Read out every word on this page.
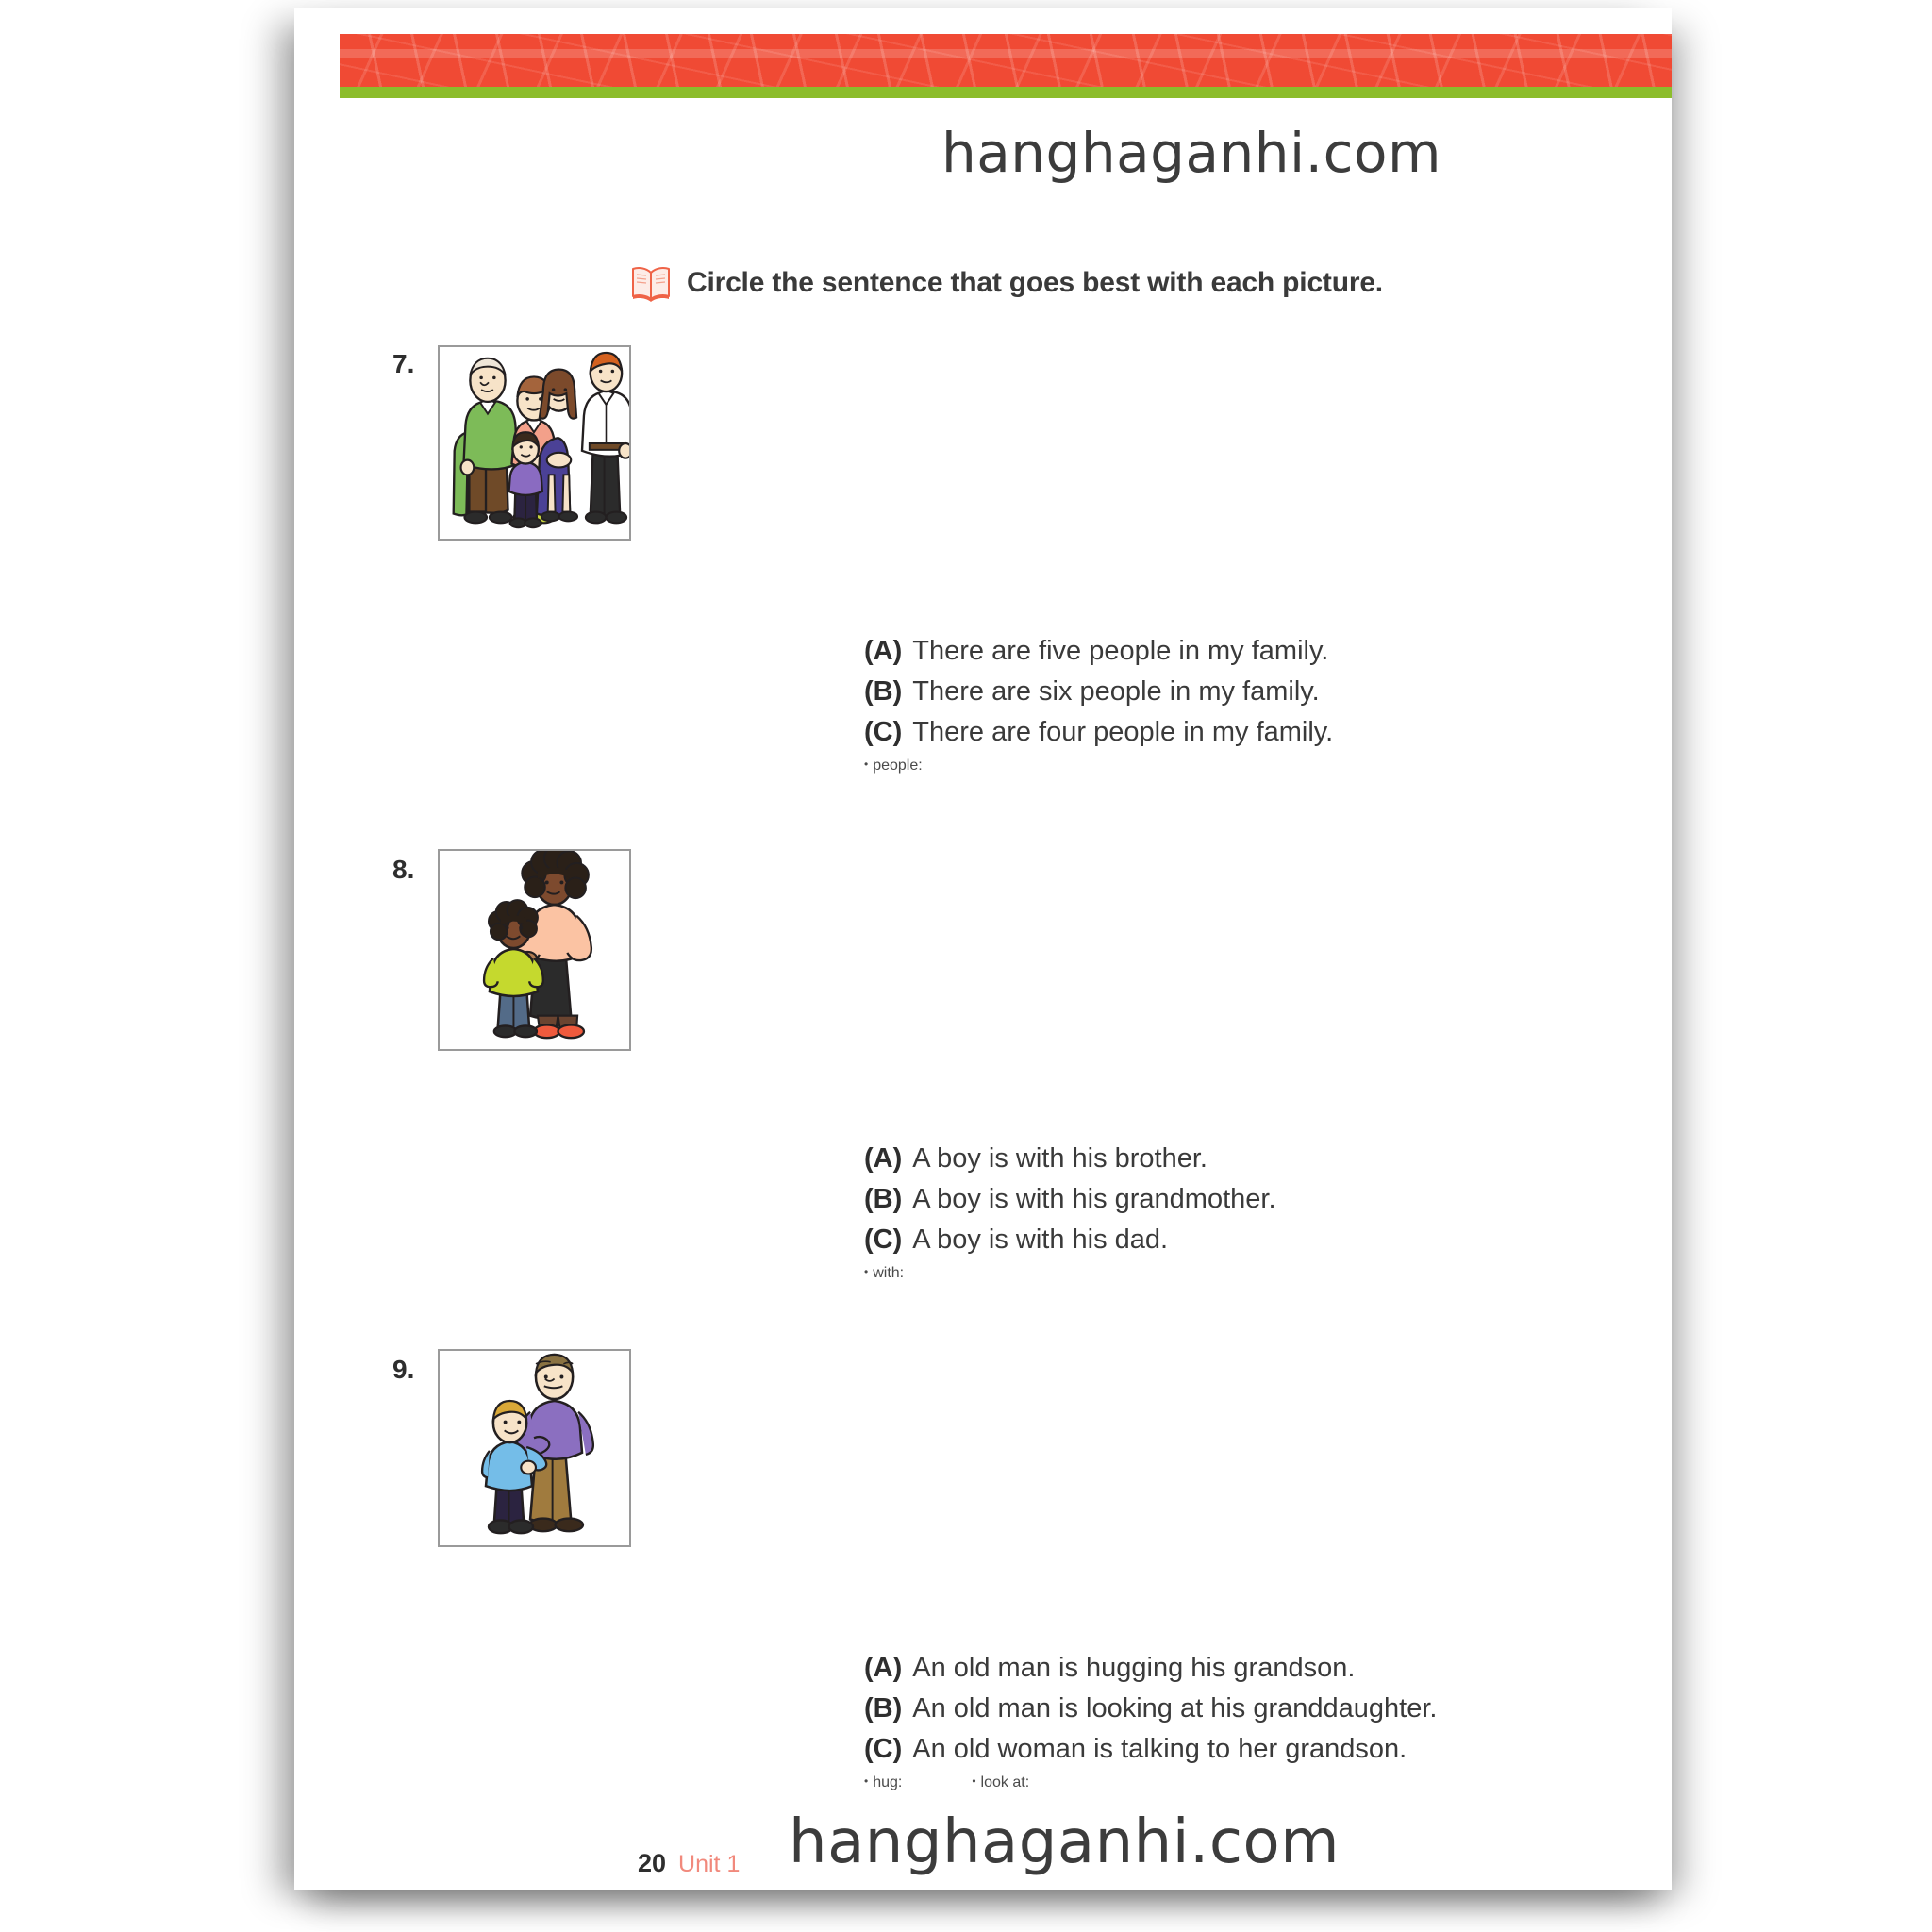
hanghaganhi.com
Circle the sentence that goes best with each picture.
7.
(A) There are five people in my family.
(B) There are six people in my family.
(C) There are four people in my family.
• people:
8.
(A) A boy is with his brother.
(B) A boy is with his grandmother.
(C) A boy is with his dad.
• with:
9.
(A) An old man is hugging his grandson.
(B) An old man is looking at his granddaughter.
(C) An old woman is talking to her grandson.
• hug:	• look at:
hanghaganhi.com
20 Unit 1
